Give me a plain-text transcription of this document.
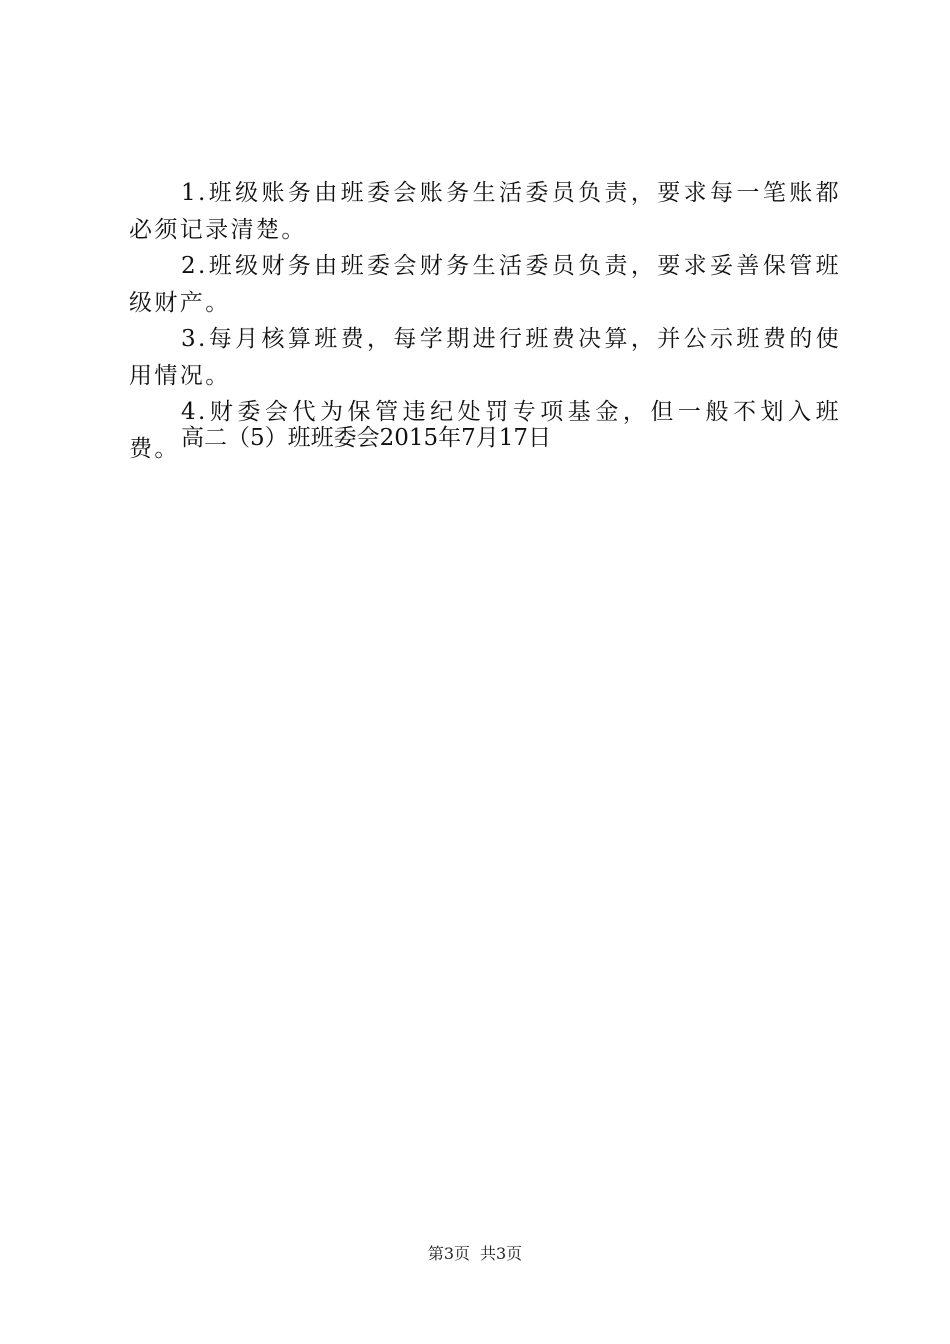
1.班级账务由班委会账务生活委员负责，要求每一笔账都必须记录清楚。

2.班级财务由班委会财务生活委员负责，要求妥善保管班级财产。

3.每月核算班费，每学期进行班费决算，并公示班费的使用情况。

4.财委会代为保管违纪处罚专项基金，但一般不划入班费。 高二（5）班班委会2015年7月17日
第3页 共3页
